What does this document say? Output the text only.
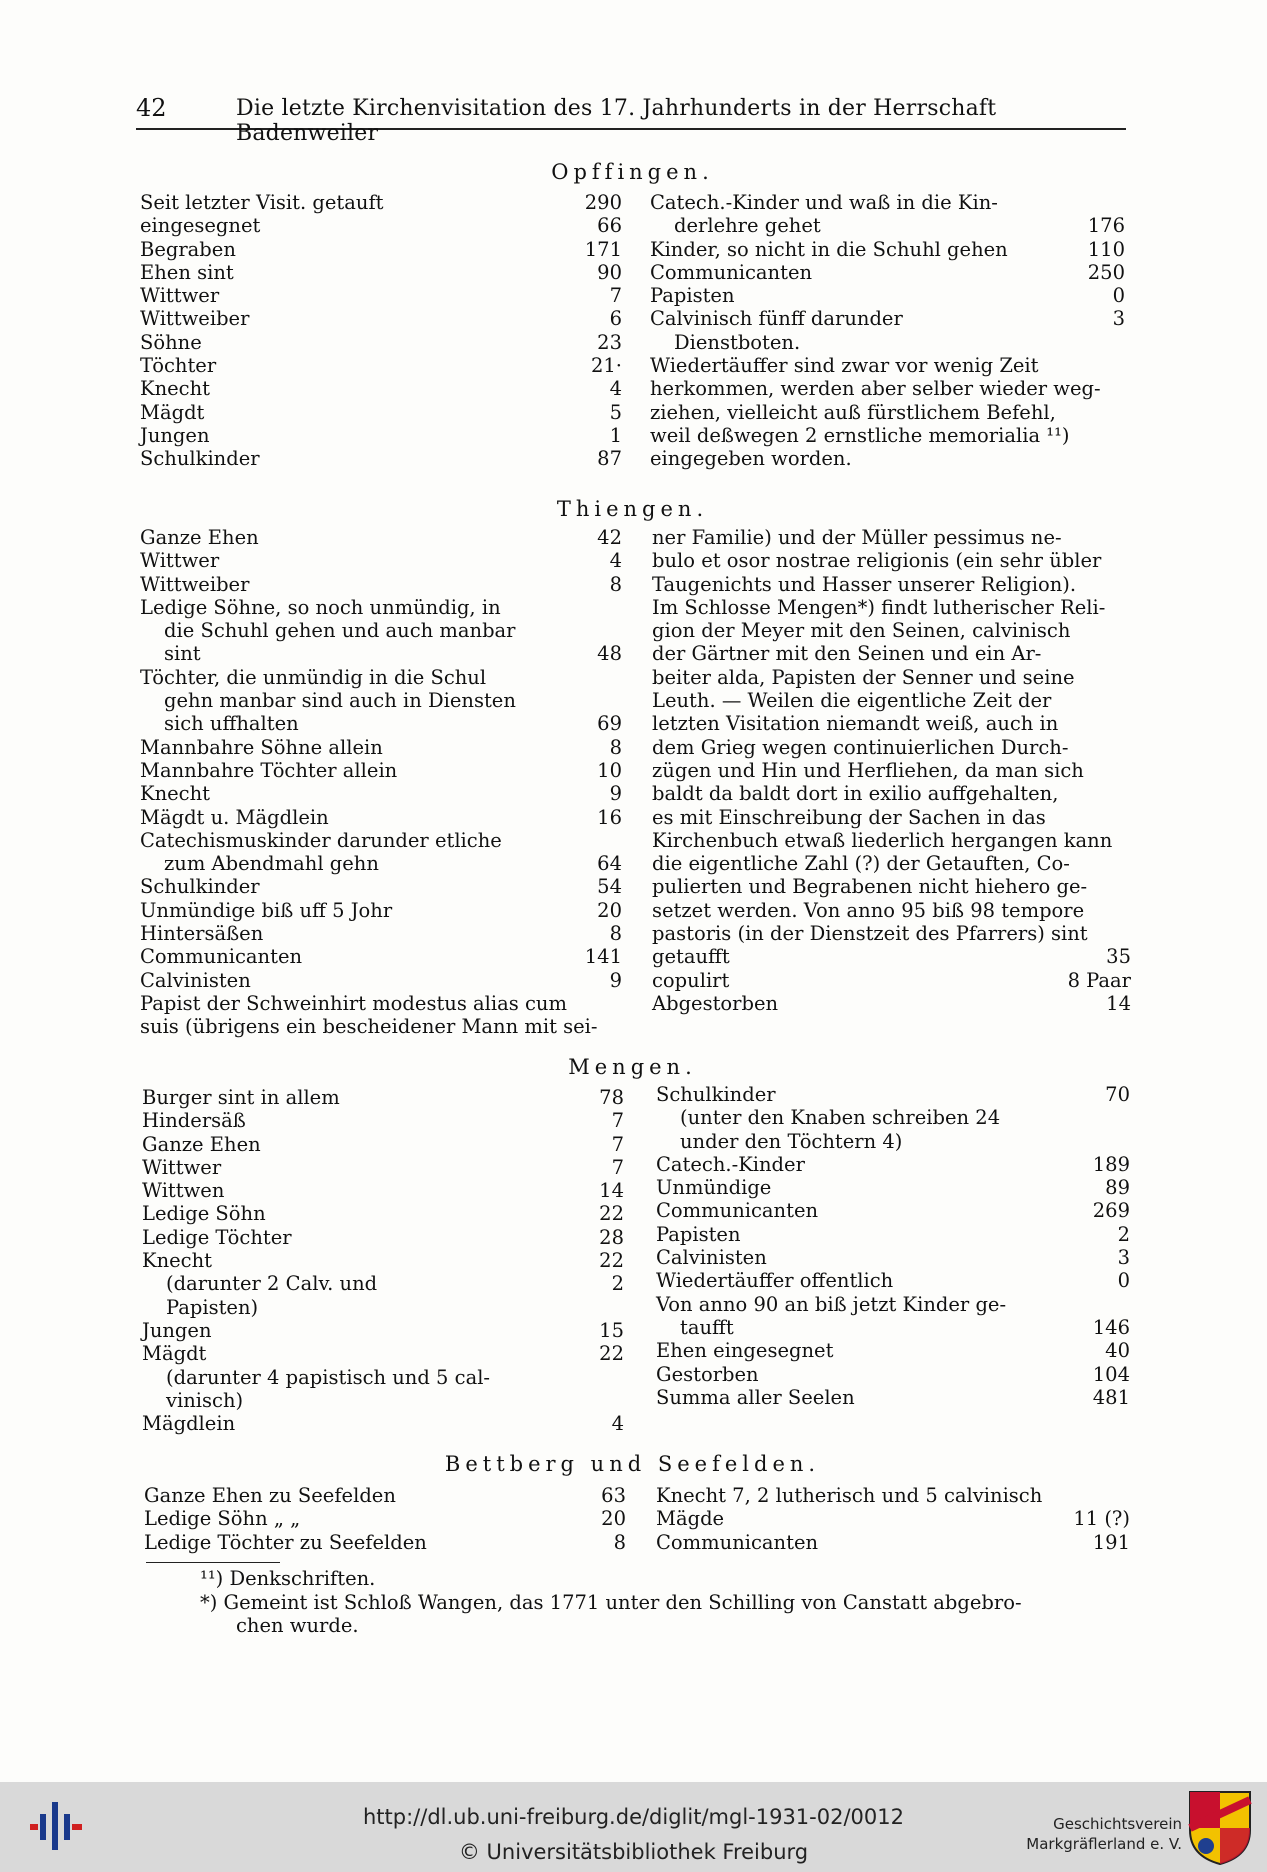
42	Die letzte Kirchenvisitation des 17. Jahrhunderts in der Herrschaft Badenweiler
Opffingen.
Seit letzter Visit. getauft	290
eingesegnet	66
Begraben	171
Ehen sint	90
Wittwer	7
Wittweiber	6
Söhne	23
Töchter	21·
Knecht	4
Mägdt	5
Jungen	1
Schulkinder	87
Catech.-Kinder und waß in die Kin-
derlehre gehet	176
Kinder, so nicht in die Schuhl gehen	110
Communicanten	250
Papisten	0
Calvinisch fünff darunder	3
Dienstboten.
Wiedertäuffer sind zwar vor wenig Zeit
herkommen, werden aber selber wieder weg-
ziehen, vielleicht auß fürstlichem Befehl,
weil deßwegen 2 ernstliche memorialia ¹¹)
eingegeben worden.
Thiengen.
Ganze Ehen	42
Wittwer	4
Wittweiber	8
Ledige Söhne, so noch unmündig, in
die Schuhl gehen und auch manbar
sint	48
Töchter, die unmündig in die Schul
gehn manbar sind auch in Diensten
sich uffhalten	69
Mannbahre Söhne allein	8
Mannbahre Töchter allein	10
Knecht	9
Mägdt u. Mägdlein	16
Catechismuskinder darunder etliche
zum Abendmahl gehn	64
Schulkinder	54
Unmündige biß uff 5 Johr	20
Hintersäßen	8
Communicanten	141
Calvinisten	9
Papist der Schweinhirt modestus alias cum
suis (übrigens ein bescheidener Mann mit sei-
ner Familie) und der Müller pessimus ne-
bulo et osor nostrae religionis (ein sehr übler
Taugenichts und Hasser unserer Religion).
Im Schlosse Mengen*) findt lutherischer Reli-
gion der Meyer mit den Seinen, calvinisch
der Gärtner mit den Seinen und ein Ar-
beiter alda, Papisten der Senner und seine
Leuth. — Weilen die eigentliche Zeit der
letzten Visitation niemandt weiß, auch in
dem Grieg wegen continuierlichen Durch-
zügen und Hin und Herfliehen, da man sich
baldt da baldt dort in exilio auffgehalten,
es mit Einschreibung der Sachen in das
Kirchenbuch etwaß liederlich hergangen kann
die eigentliche Zahl (?) der Getauften, Co-
pulierten und Begrabenen nicht hiehero ge-
setzet werden. Von anno 95 biß 98 tempore
pastoris (in der Dienstzeit des Pfarrers) sint
getaufft	35
copulirt	8 Paar
Abgestorben	14
Mengen.
Burger sint in allem	78
Hindersäß	7
Ganze Ehen	7
Wittwer	7
Wittwen	14
Ledige Söhn	22
Ledige Töchter	28
Knecht	22
(darunter 2 Calv. und	2
Papisten)
Jungen	15
Mägdt	22
(darunter 4 papistisch und 5 cal-
vinisch)
Mägdlein	4
Schulkinder	70
(unter den Knaben schreiben 24
under den Töchtern 4)
Catech.-Kinder	189
Unmündige	89
Communicanten	269
Papisten	2
Calvinisten	3
Wiedertäuffer offentlich	0
Von anno 90 an biß jetzt Kinder ge-
taufft	146
Ehen eingesegnet	40
Gestorben	104
Summa aller Seelen	481
Bettberg und Seefelden.
Ganze Ehen zu Seefelden	63
Ledige Söhn „ „	20
Ledige Töchter zu Seefelden	8
Knecht 7, 2 lutherisch und 5 calvinisch
Mägde	11 (?)
Communicanten	191
¹¹) Denkschriften.
*) Gemeint ist Schloß Wangen, das 1771 unter den Schilling von Canstatt abgebro-
chen wurde.
http://dl.ub.uni-freiburg.de/diglit/mgl-1931-02/0012
© Universitätsbibliothek Freiburg
Geschichtsverein
Markgräflerland e. V.
